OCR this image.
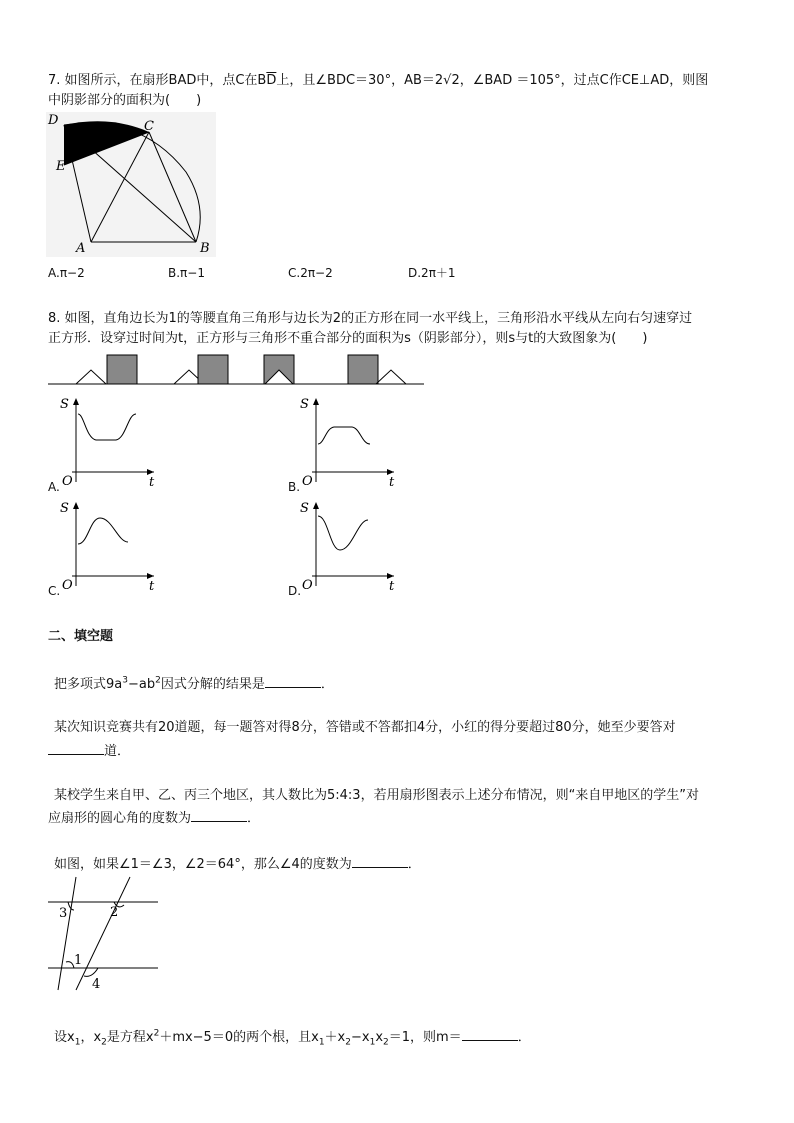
7. 如图所示，在扇形BAD中，点C在$B\overline{D}$上，且∠BDC＝30°，AB＝2√2，∠BAD ＝105°，过点C作CE⊥AD，则图
中阴影部分的面积为(　　)
D	C
E
A	B
A.π−2	B.π−1	C.2π−2	D.2π＋1
8. 如图，直角边长为1的等腰直角三角形与边长为2的正方形在同一水平线上，三角形沿水平线从左向右匀速穿过
正方形．设穿过时间为t，正方形与三角形不重合部分的面积为s（阴影部分），则s与t的大致图象为(　　)
S
O	t
A.
S
O	t
B.
S
O	t
C.
S
O	t
D.
二、填空题
把多项式$9a^3-ab^2$因式分解的结果是	．
某次知识竞赛共有20道题，每一题答对得8分，答错或不答都扣4分，小红的得分要超过80分，她至少要答对
道．
某校学生来自甲、乙、丙三个地区，其人数比为5:4:3，若用扇形图表示上述分布情况，则“来自甲地区的学生”对
应扇形的圆心角的度数为	．
如图，如果∠1＝∠3，∠2＝64°，那么∠4的度数为	．
3	2
1
4
设$x_1$，$x_2$是方程$x^2+mx-5=0$的两个根，且$x_1+x_2-x_1x_2=1$，则m＝	．
